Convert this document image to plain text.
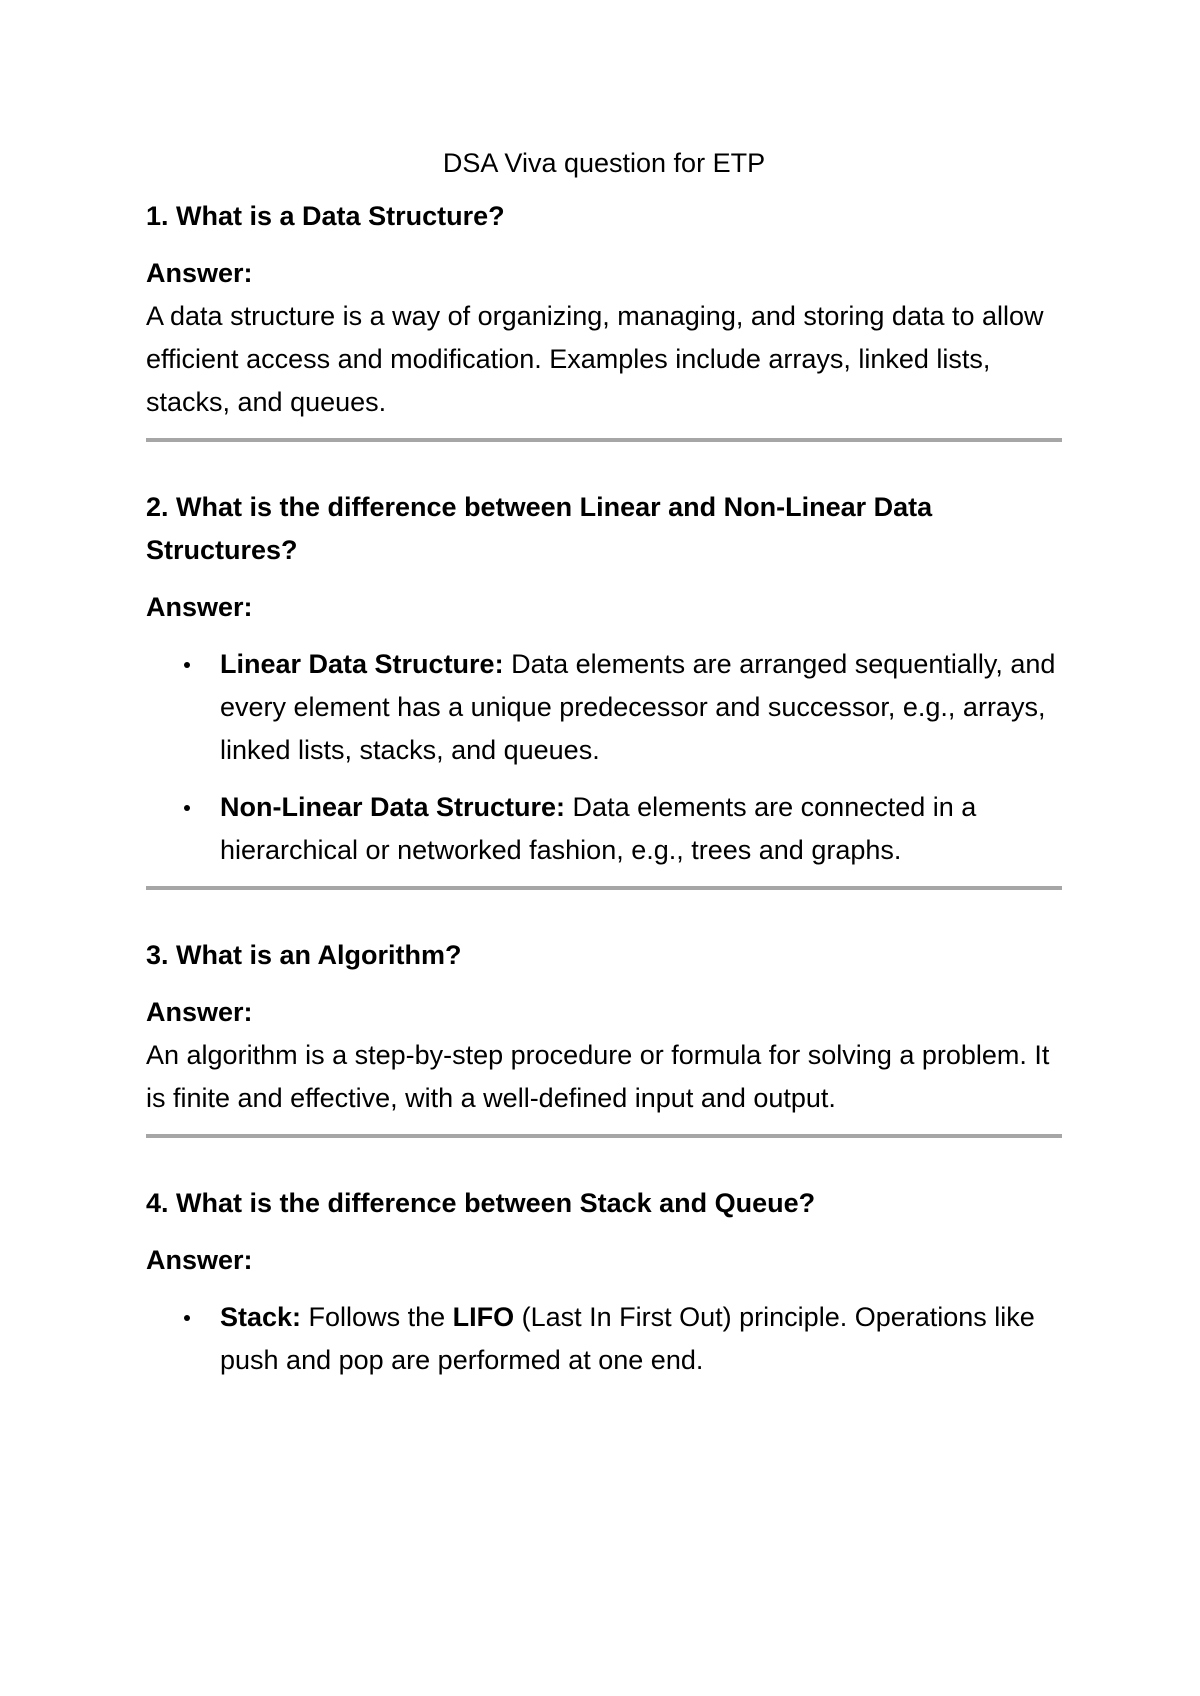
DSA Viva question for ETP

1. What is a Data Structure?

Answer:

A data structure is a way of organizing, managing, and storing data to allow efficient access and modification. Examples include arrays, linked lists, stacks, and queues.

2. What is the difference between Linear and Non-Linear Data Structures?

Answer:

Linear Data Structure: Data elements are arranged sequentially, and every element has a unique predecessor and successor, e.g., arrays, linked lists, stacks, and queues.
Non-Linear Data Structure: Data elements are connected in a hierarchical or networked fashion, e.g., trees and graphs.

3. What is an Algorithm?

Answer:

An algorithm is a step-by-step procedure or formula for solving a problem. It is finite and effective, with a well-defined input and output.

4. What is the difference between Stack and Queue?

Answer:

Stack: Follows the LIFO (Last In First Out) principle. Operations like push and pop are performed at one end.
